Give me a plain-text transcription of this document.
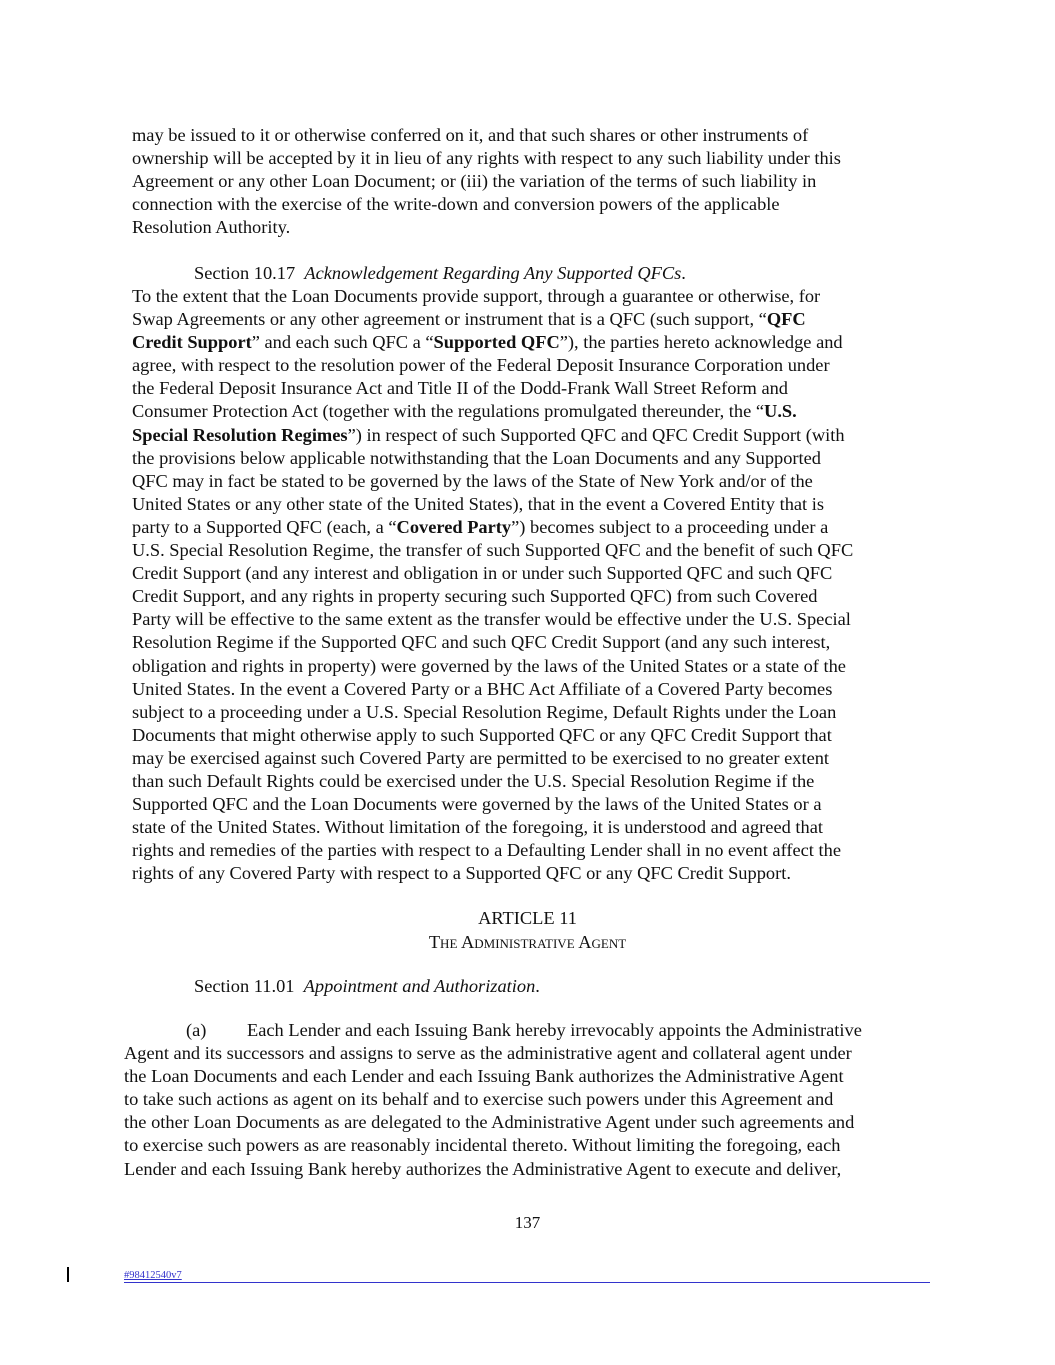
may be issued to it or otherwise conferred on it, and that such shares or other instruments of
ownership will be accepted by it in lieu of any rights with respect to any such liability under this
Agreement or any other Loan Document; or (iii) the variation of the terms of such liability in
connection with the exercise of the write-down and conversion powers of the applicable
Resolution Authority.
Section 10.17 Acknowledgement Regarding Any Supported QFCs.
To the extent that the Loan Documents provide support, through a guarantee or otherwise, for
Swap Agreements or any other agreement or instrument that is a QFC (such support, “QFC
Credit Support” and each such QFC a “Supported QFC”), the parties hereto acknowledge and
agree, with respect to the resolution power of the Federal Deposit Insurance Corporation under
the Federal Deposit Insurance Act and Title II of the Dodd-Frank Wall Street Reform and
Consumer Protection Act (together with the regulations promulgated thereunder, the “U.S.
Special Resolution Regimes”) in respect of such Supported QFC and QFC Credit Support (with
the provisions below applicable notwithstanding that the Loan Documents and any Supported
QFC may in fact be stated to be governed by the laws of the State of New York and/or of the
United States or any other state of the United States), that in the event a Covered Entity that is
party to a Supported QFC (each, a “Covered Party”) becomes subject to a proceeding under a
U.S. Special Resolution Regime, the transfer of such Supported QFC and the benefit of such QFC
Credit Support (and any interest and obligation in or under such Supported QFC and such QFC
Credit Support, and any rights in property securing such Supported QFC) from such Covered
Party will be effective to the same extent as the transfer would be effective under the U.S. Special
Resolution Regime if the Supported QFC and such QFC Credit Support (and any such interest,
obligation and rights in property) were governed by the laws of the United States or a state of the
United States. In the event a Covered Party or a BHC Act Affiliate of a Covered Party becomes
subject to a proceeding under a U.S. Special Resolution Regime, Default Rights under the Loan
Documents that might otherwise apply to such Supported QFC or any QFC Credit Support that
may be exercised against such Covered Party are permitted to be exercised to no greater extent
than such Default Rights could be exercised under the U.S. Special Resolution Regime if the
Supported QFC and the Loan Documents were governed by the laws of the United States or a
state of the United States. Without limitation of the foregoing, it is understood and agreed that
rights and remedies of the parties with respect to a Defaulting Lender shall in no event affect the
rights of any Covered Party with respect to a Supported QFC or any QFC Credit Support.
ARTICLE 11
The Administrative Agent
Section 11.01 Appointment and Authorization.
(a) Each Lender and each Issuing Bank hereby irrevocably appoints the Administrative
Agent and its successors and assigns to serve as the administrative agent and collateral agent under
the Loan Documents and each Lender and each Issuing Bank authorizes the Administrative Agent
to take such actions as agent on its behalf and to exercise such powers under this Agreement and
the other Loan Documents as are delegated to the Administrative Agent under such agreements and
to exercise such powers as are reasonably incidental thereto. Without limiting the foregoing, each
Lender and each Issuing Bank hereby authorizes the Administrative Agent to execute and deliver,
137
#98412540v7
